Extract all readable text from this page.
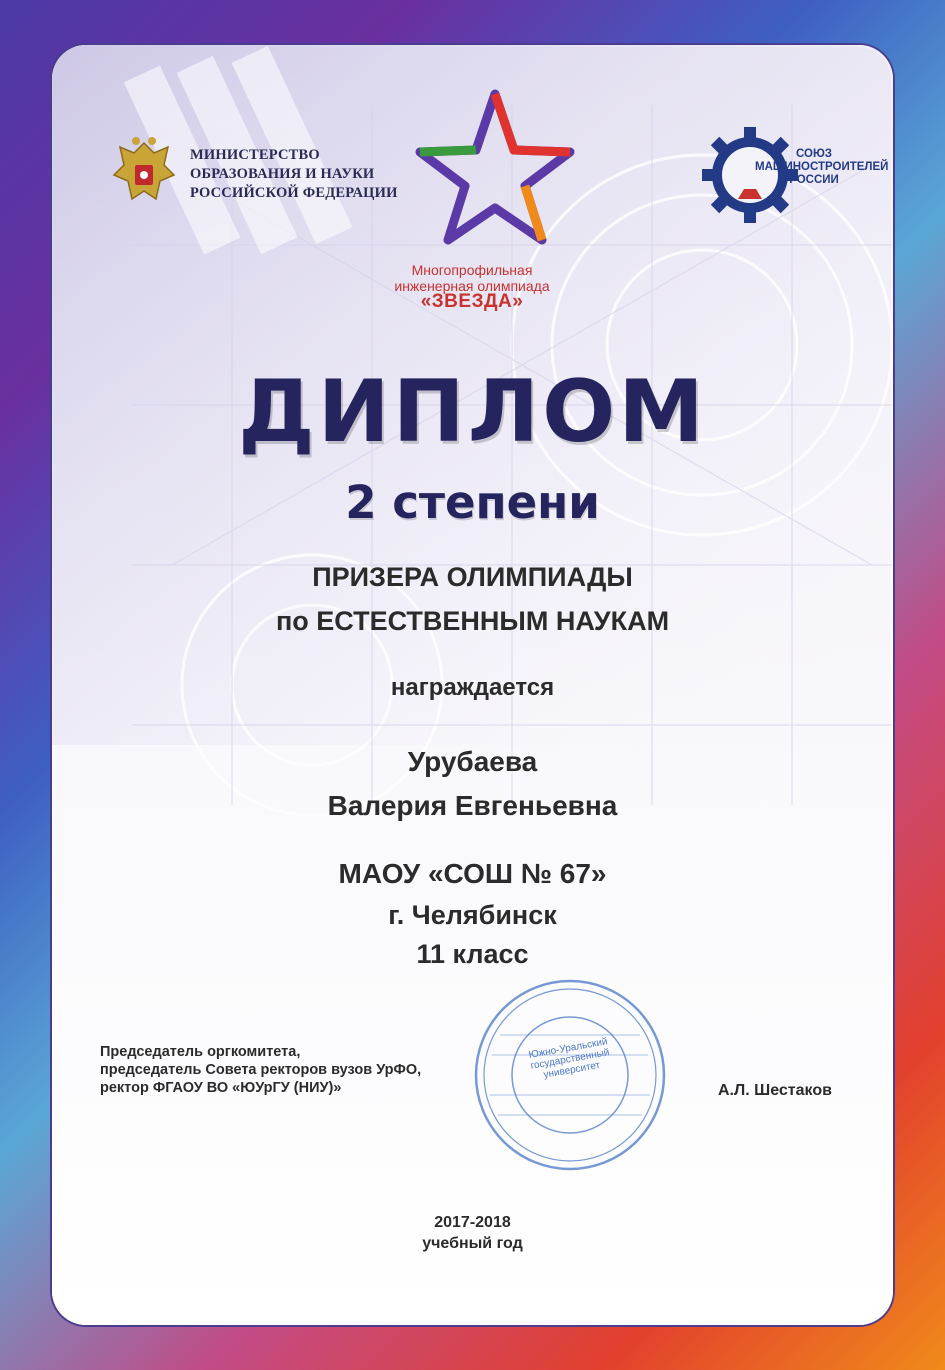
МИНИСТЕРСТВО
ОБРАЗОВАНИЯ И НАУКИ
РОССИЙСКОЙ ФЕДЕРАЦИИ
Многопрофильная
инженерная олимпиада
«ЗВЕЗДА»
СОЮЗ
МАШИНОСТРОИТЕЛЕЙ
РОССИИ
ДИПЛОМ
2 степени
ПРИЗЕРА ОЛИМПИАДЫ
по ЕСТЕСТВЕННЫМ НАУКАМ
награждается
Урубаева
Валерия Евгеньевна
МАОУ «СОШ № 67»
г. Челябинск
11 класс
Председатель оргкомитета,
председатель Совета ректоров вузов УрФО,
ректор ФГАОУ ВО «ЮУрГУ (НИУ)»	А.Л. Шестаков
Южно-Уральский государственный университет
2017-2018
учебный год
